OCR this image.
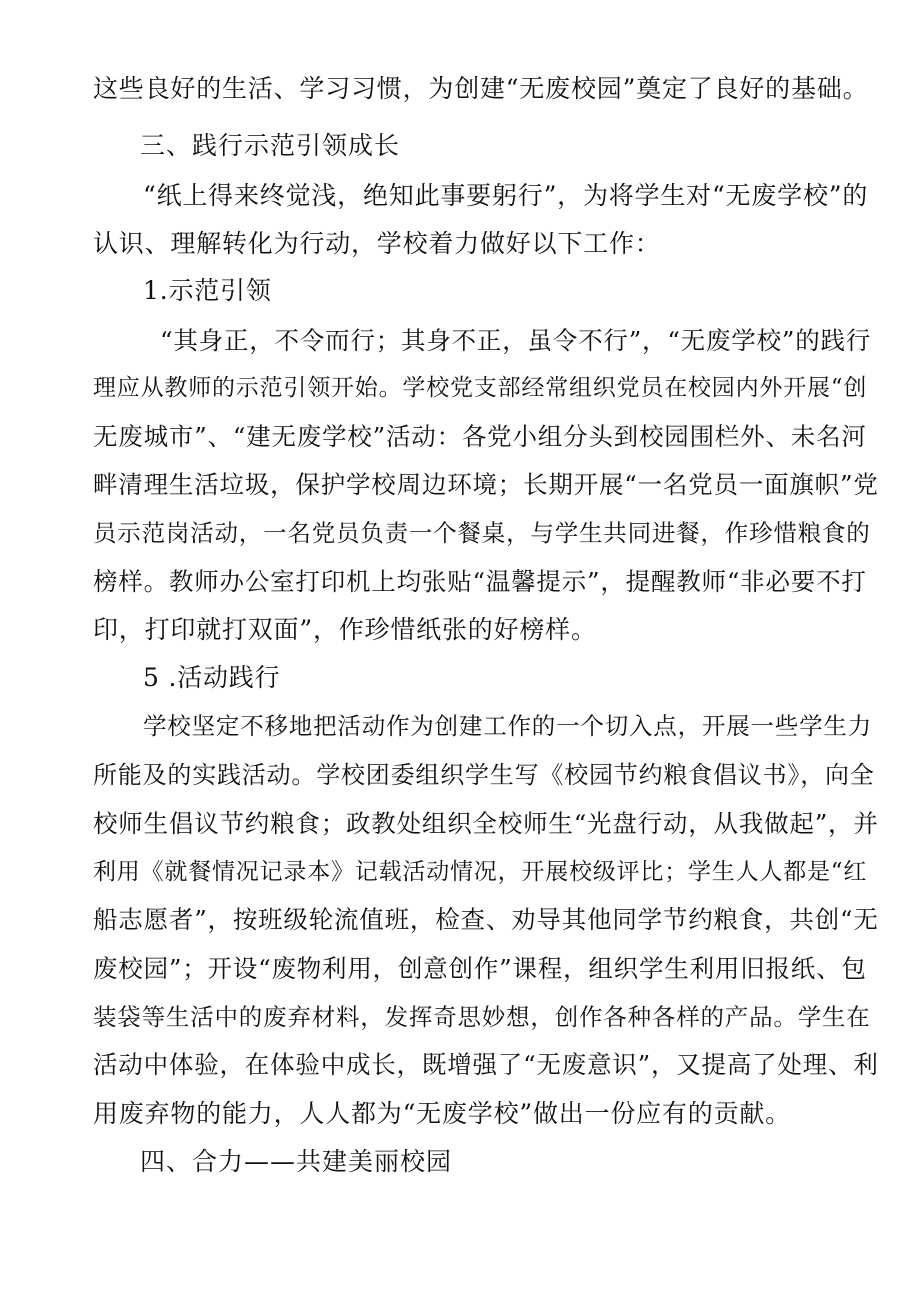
这些良好的生活、学习习惯，为创建“无废校园”奠定了良好的基础。
三、践行示范引领成长
“纸上得来终觉浅，绝知此事要躬行”，为将学生对“无废学校”的
认识、理解转化为行动，学校着力做好以下工作：
1.示范引领
“其身正，不令而行；其身不正，虽令不行”，“无废学校”的践行
理应从教师的示范引领开始。学校党支部经常组织党员在校园内外开展“创
无废城市”、“建无废学校”活动：各党小组分头到校园围栏外、未名河
畔清理生活垃圾，保护学校周边环境；长期开展“一名党员一面旗帜”党
员示范岗活动，一名党员负责一个餐桌，与学生共同进餐，作珍惜粮食的
榜样。教师办公室打印机上均张贴“温馨提示”，提醒教师“非必要不打
印，打印就打双面”，作珍惜纸张的好榜样。
5 .活动践行
学校坚定不移地把活动作为创建工作的一个切入点，开展一些学生力
所能及的实践活动。学校团委组织学生写《校园节约粮食倡议书》，向全
校师生倡议节约粮食；政教处组织全校师生“光盘行动，从我做起”，并
利用《就餐情况记录本》记载活动情况，开展校级评比；学生人人都是“红
船志愿者”，按班级轮流值班，检查、劝导其他同学节约粮食，共创“无
废校园”；开设“废物利用，创意创作”课程，组织学生利用旧报纸、包
装袋等生活中的废弃材料，发挥奇思妙想，创作各种各样的产品。学生在
活动中体验，在体验中成长，既增强了“无废意识”，又提高了处理、利
用废弃物的能力，人人都为“无废学校”做出一份应有的贡献。
四、合力——共建美丽校园
